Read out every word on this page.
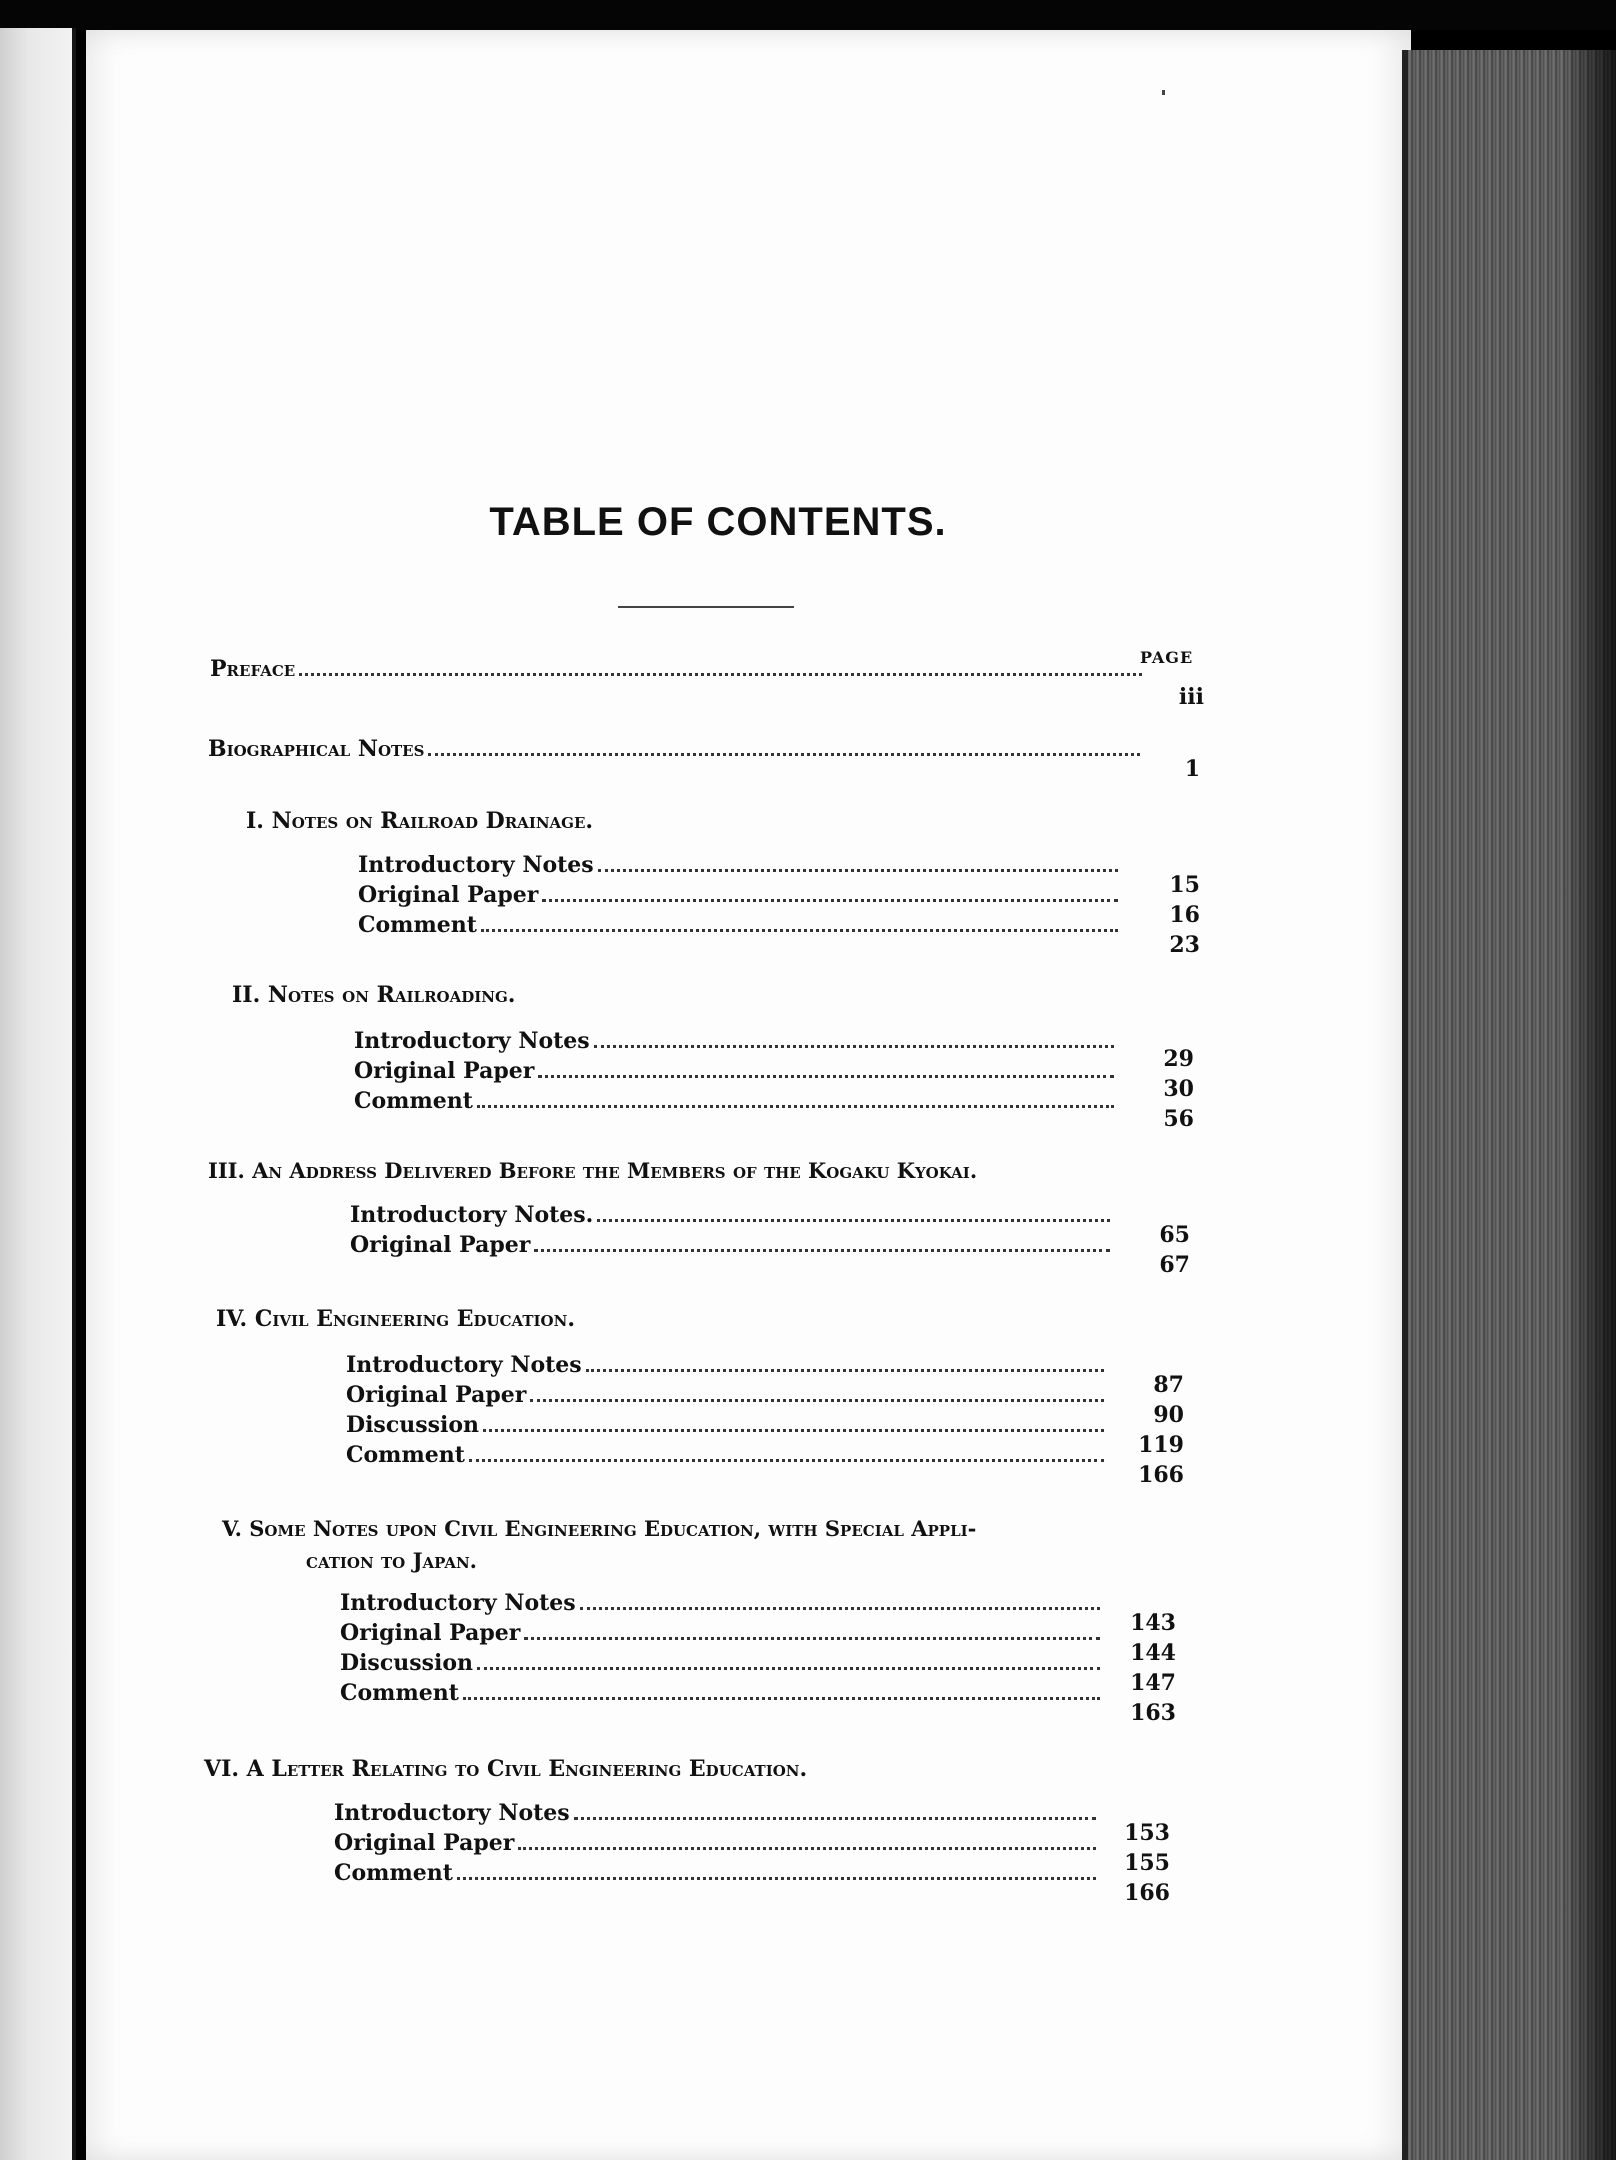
TABLE OF CONTENTS.
PAGE
Preface
iii
Biographical Notes
1
I. Notes on Railroad Drainage.
Introductory Notes
15
Original Paper
16
Comment
23
II. Notes on Railroading.
Introductory Notes
29
Original Paper
30
Comment
56
III. An Address Delivered Before the Members of the Kogaku Kyokai.
Introductory Notes.
65
Original Paper
67
IV. Civil Engineering Education.
Introductory Notes
87
Original Paper
90
Discussion
119
Comment
166
V. Some Notes upon Civil Engineering Education, with Special Appli-
cation to Japan.
Introductory Notes
143
Original Paper
144
Discussion
147
Comment
163
VI. A Letter Relating to Civil Engineering Education.
Introductory Notes
153
Original Paper
155
Comment
166
